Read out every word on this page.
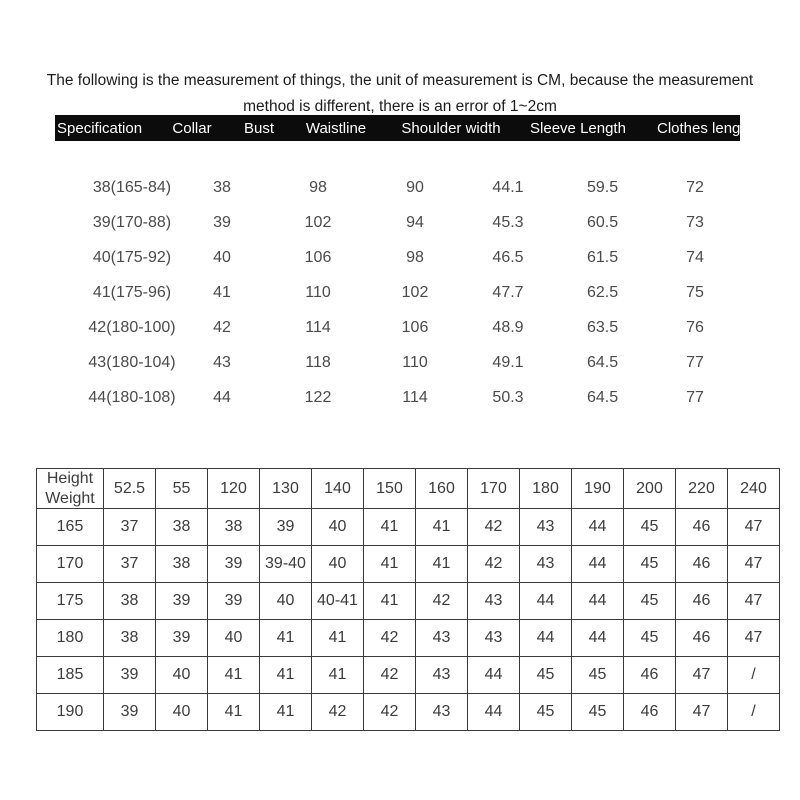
The following is the measurement of things, the unit of measurement is CM, because the measurement
method is different, there is an error of 1~2cm

Specification	Collar	Bust	Waistline	Shoulder width	Sleeve Length	Clothes leng
38(165-84)	38	98	90	44.1	59.5	72
39(170-88)	39	102	94	45.3	60.5	73
40(175-92)	40	106	98	46.5	61.5	74
41(175-96)	41	110	102	47.7	62.5	75
42(180-100)	42	114	106	48.9	63.5	76
43(180-104)	43	118	110	49.1	64.5	77
44(180-108)	44	122	114	50.3	64.5	77
Height
Weight	52.5	55	120	130	140	150	160	170	180	190	200	220	240
165	37	38	38	39	40	41	41	42	43	44	45	46	47
170	37	38	39	39-40	40	41	41	42	43	44	45	46	47
175	38	39	39	40	40-41	41	42	43	44	44	45	46	47
180	38	39	40	41	41	42	43	43	44	44	45	46	47
185	39	40	41	41	41	42	43	44	45	45	46	47	/
190	39	40	41	41	42	42	43	44	45	45	46	47	/
